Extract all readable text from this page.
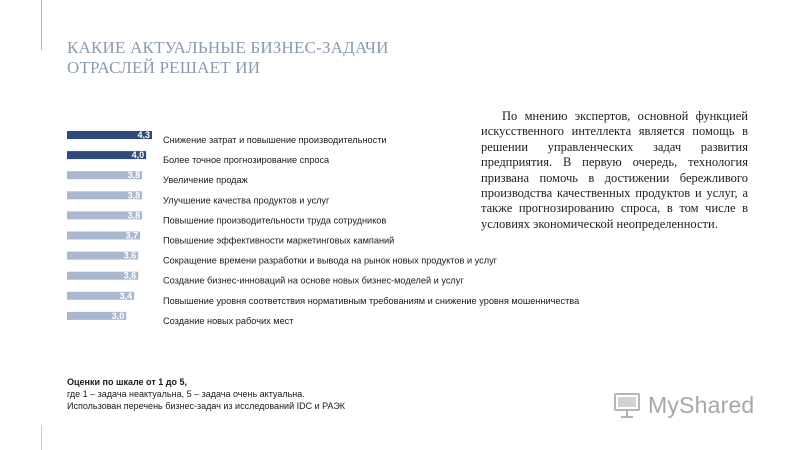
КАКИЕ АКТУАЛЬНЫЕ БИЗНЕС-ЗАДАЧИ
ОТРАСЛЕЙ РЕШАЕТ ИИ
4,3 Снижение затрат и повышение производительности
4,0 Более точное прогнозирование спроса
3,8 Увеличение продаж
3,8 Улучшение качества продуктов и услуг
3,8 Повышение производительности труда сотрудников
3,7	Повышение эффективности маркетинговых кампаний
3,6	Сокращение времени разработки и вывода на рынок новых продуктов и услуг
3,6	Создание бизнес-инноваций на основе новых бизнес-моделей и услуг
3,4	Повышение уровня соответствия нормативным требованиям и снижение уровня мошенничества
3,0	Создание новых рабочих мест
По мнению экспертов, основной функцией искусственного интеллекта является помощь в решении управленческих задач развития предприятия. В первую очередь, технология призвана помочь в достижении бережливого производства качественных продуктов и услуг, а также прогнозированию спроса, в том числе в условиях экономической неопределенности.
Оценки по шкале от 1 до 5,
где 1 – задача неактуальна, 5 – задача очень актуальна.
Использован перечень бизнес-задач из исследований IDC и РАЭК	MyShared
